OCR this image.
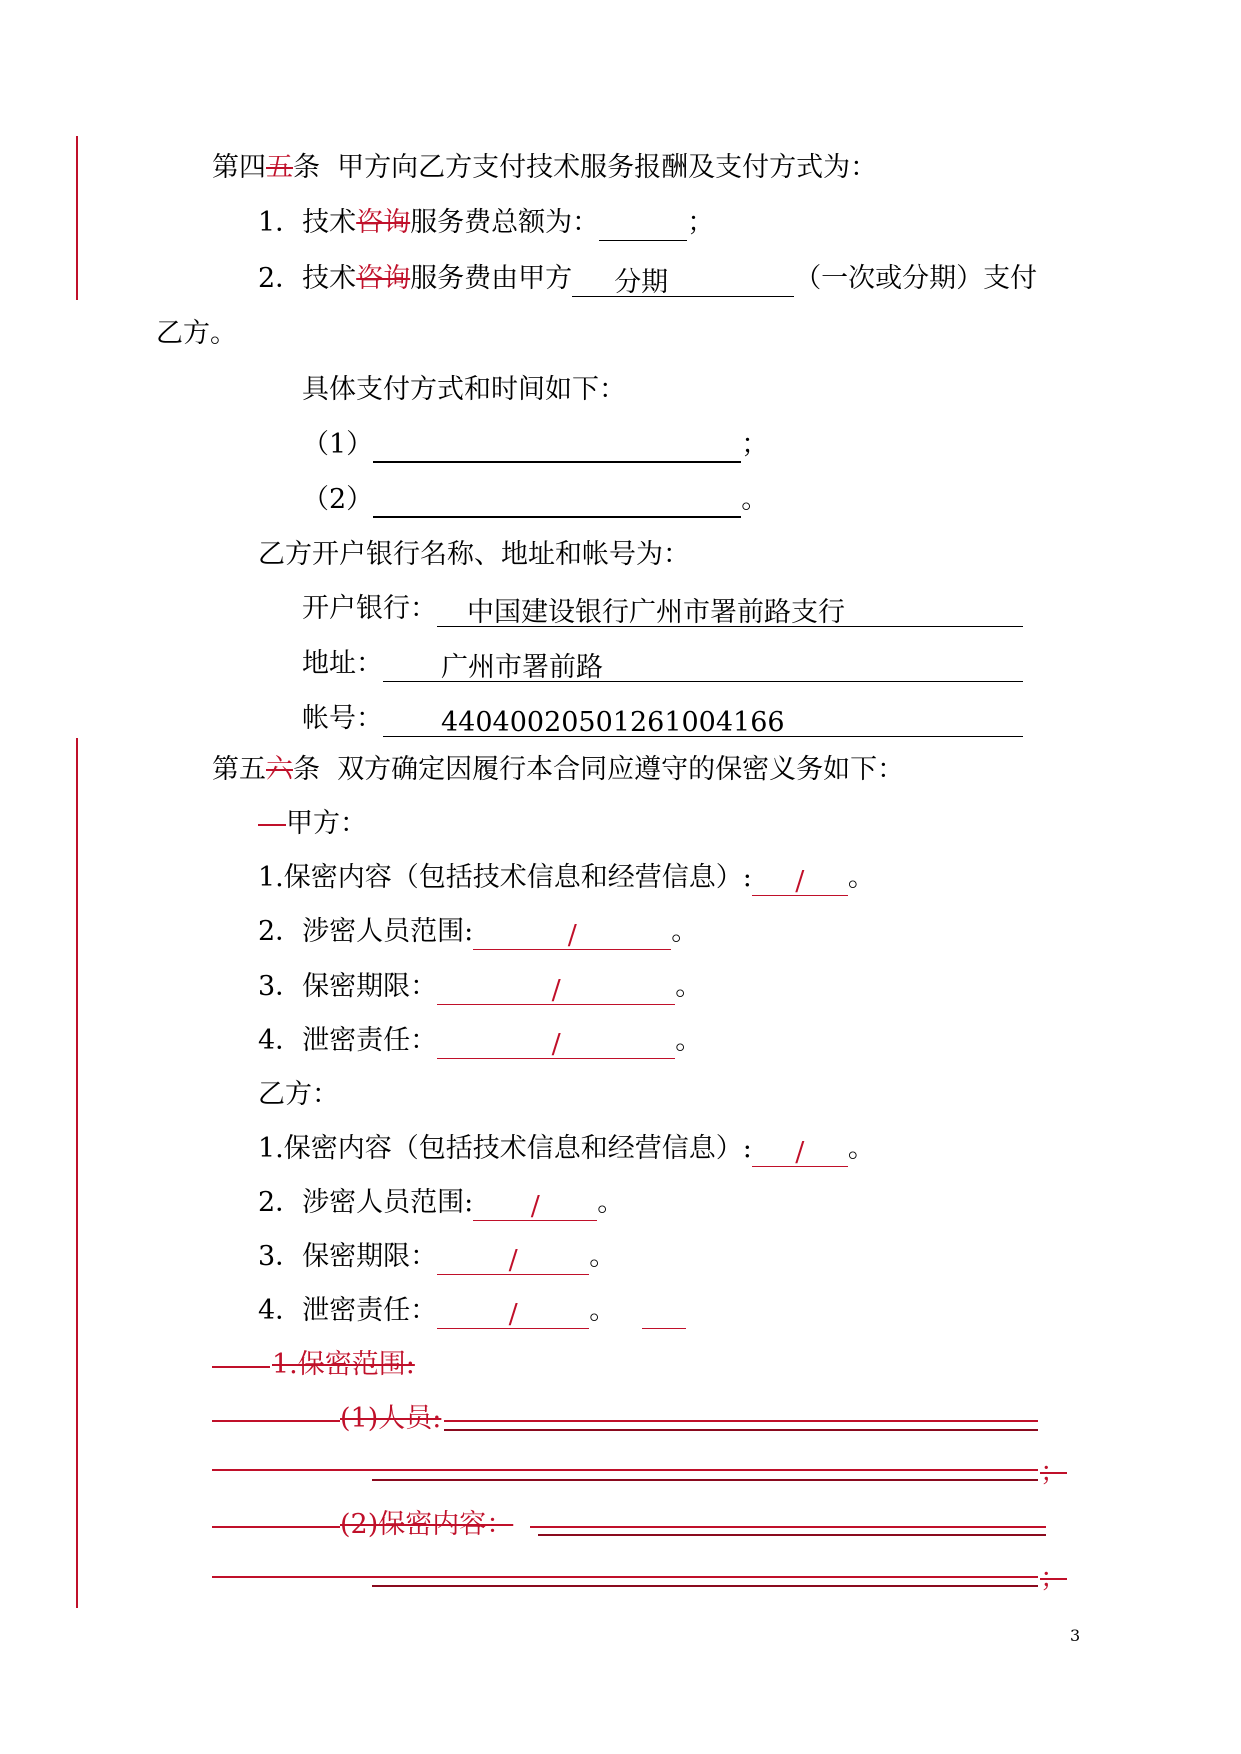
第四五条 甲方向乙方支付技术服务报酬及支付方式为：
1．技术咨询服务费总额为：	；
2．技术咨询服务费由甲方 分期	（一次或分期）支付
乙方。
具体支付方式和时间如下：
（1）	；
（2）	。
乙方开户银行名称、地址和帐号为：
开户银行： 中国建设银行广州市署前路支行
地址： 广州市署前路
帐号： 44040020501261004166
第五六条 双方确定因履行本合同应遵守的保密义务如下：
甲方：
1.保密内容（包括技术信息和经营信息）: / 。
2．涉密人员范围:	/	。
3．保密期限：	/	。
4．泄密责任：	/	。
乙方：
1.保密内容（包括技术信息和经营信息）: / 。
2．涉密人员范围: / 。
3．保密期限：	/	。
4．泄密责任：	/	。
1.保密范围:
(1)人员:
；
(2)保密内容：
；
3
